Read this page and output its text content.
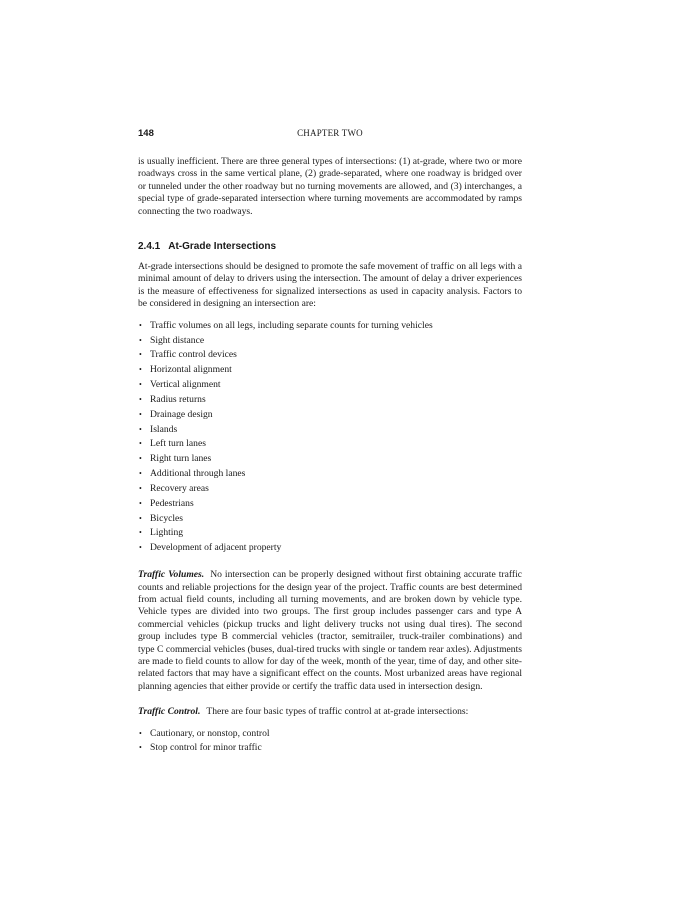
148	CHAPTER TWO

is usually inefficient. There are three general types of intersections: (1) at-grade, where two or more roadways cross in the same vertical plane, (2) grade-separated, where one roadway is bridged over or tunneled under the other roadway but no turning movements are allowed, and (3) interchanges, a special type of grade-separated intersection where turning movements are accommodated by ramps connecting the two roadways.

2.4.1 At-Grade Intersections

At-grade intersections should be designed to promote the safe movement of traffic on all legs with a minimal amount of delay to drivers using the intersection. The amount of delay a driver experiences is the measure of effectiveness for signalized intersections as used in capacity analysis. Factors to be considered in designing an intersection are:

• Traffic volumes on all legs, including separate counts for turning vehicles
• Sight distance
• Traffic control devices
• Horizontal alignment
• Vertical alignment
• Radius returns
• Drainage design
• Islands
• Left turn lanes
• Right turn lanes
• Additional through lanes
• Recovery areas
• Pedestrians
• Bicycles
• Lighting
• Development of adjacent property

Traffic Volumes. No intersection can be properly designed without first obtaining accurate traffic counts and reliable projections for the design year of the project. Traffic counts are best determined from actual field counts, including all turning movements, and are broken down by vehicle type. Vehicle types are divided into two groups. The first group includes passenger cars and type A commercial vehicles (pickup trucks and light delivery trucks not using dual tires). The second group includes type B commercial vehicles (tractor, semitrailer, truck-trailer combinations) and type C commercial vehicles (buses, dual-tired trucks with single or tandem rear axles). Adjustments are made to field counts to allow for day of the week, month of the year, time of day, and other site-related factors that may have a significant effect on the counts. Most urbanized areas have regional planning agencies that either provide or certify the traffic data used in intersection design.

Traffic Control. There are four basic types of traffic control at at-grade intersections:

• Cautionary, or nonstop, control
• Stop control for minor traffic
